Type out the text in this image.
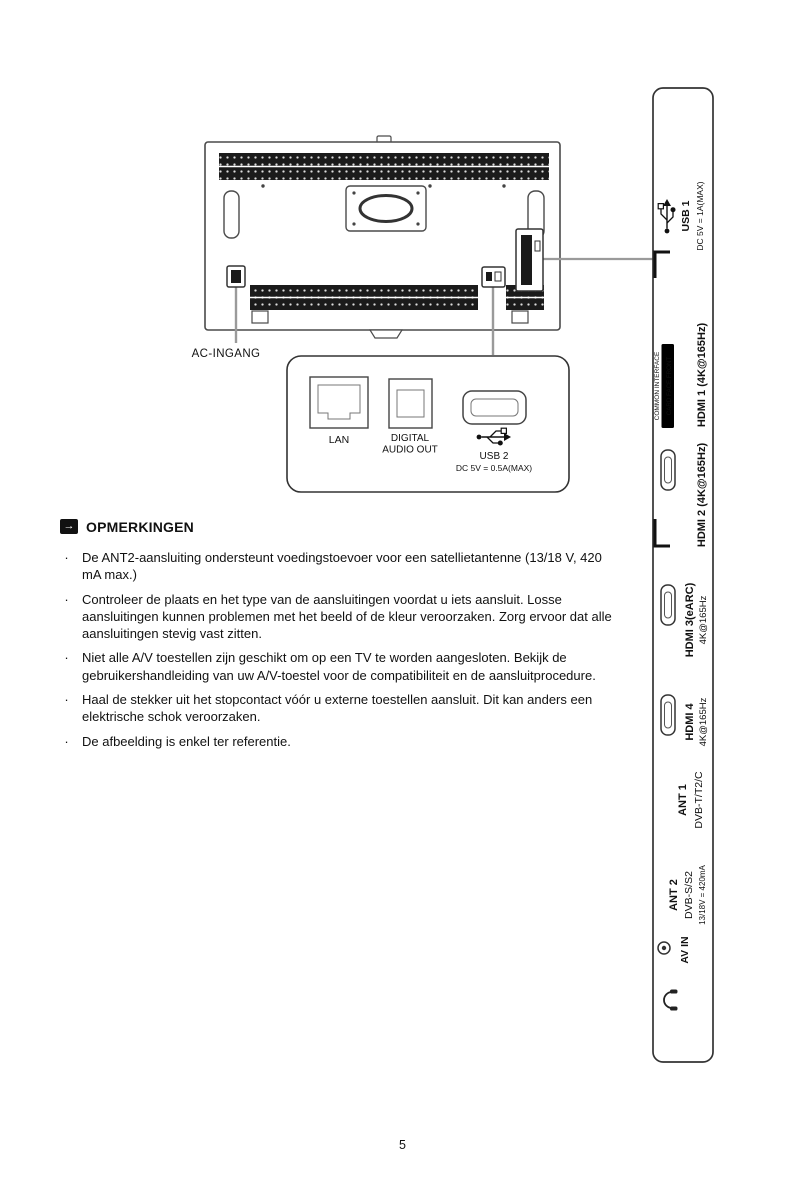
AC-INGANG
LAN	DIGITAL
AUDIO OUT
USB 2
DC 5V = 0.5A(MAX)
USB 1 DC 5V = 1A(MAX)
COMMON INTERFACE CARD FACE FRONT HDMI 1 (4K@165Hz)
HDMI 2 (4K@165Hz)
HDMI 3(eARC) 4K@165Hz
HDMI 4 4K@165Hz
ANT 1 DVB-T/T2/C
ANT 2 DVB-S/S2 13/18V = 420mA
AV IN
→ OPMERKINGEN
·	De ANT2-aansluiting ondersteunt voedingstoevoer voor een satellietantenne (13/18 V, 420 mA max.)
·	Controleer de plaats en het type van de aansluitingen voordat u iets aansluit. Losse aansluitingen kunnen problemen met het beeld of de kleur veroorzaken. Zorg ervoor dat alle aansluitingen stevig vast zitten.
·	Niet alle A/V toestellen zijn geschikt om op een TV te worden aangesloten. Bekijk de gebruikershandleiding van uw A/V-toestel voor de compatibiliteit en de aansluitprocedure.
·	Haal de stekker uit het stopcontact vóór u externe toestellen aansluit. Dit kan anders een elektrische schok veroorzaken.
·	De afbeelding is enkel ter referentie.
5
